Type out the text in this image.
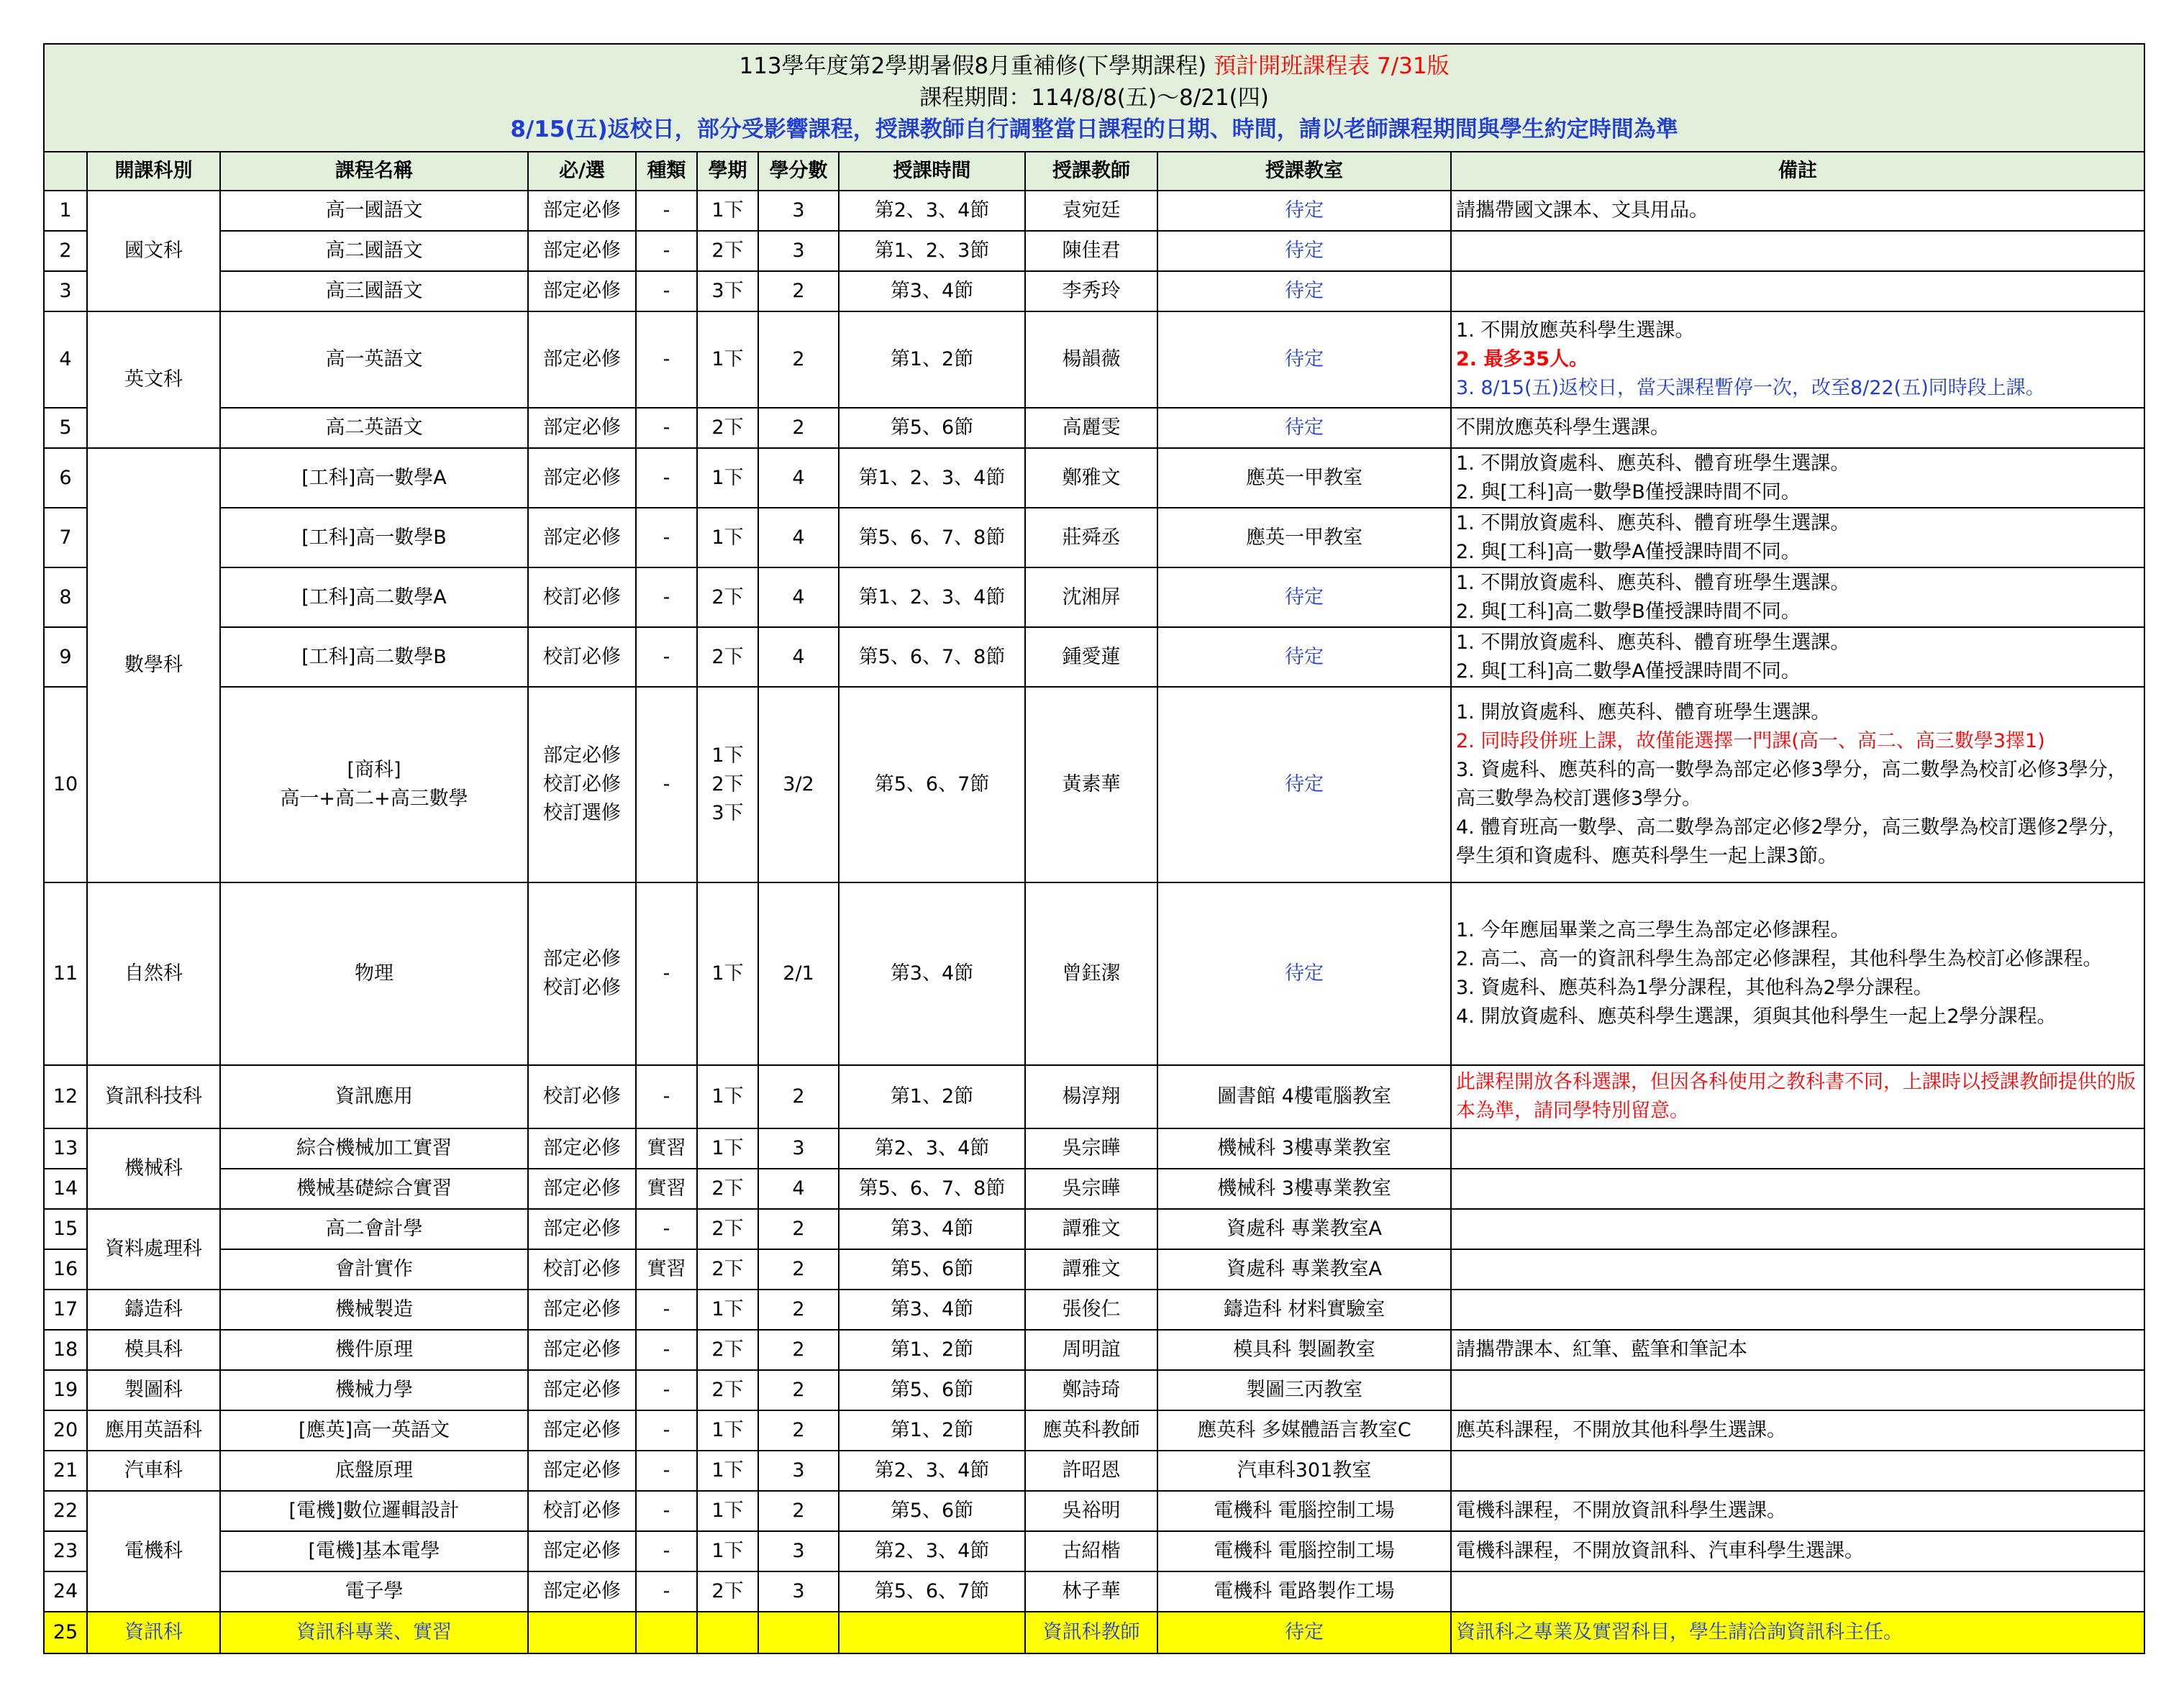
113學年度第2學期暑假8月重補修(下學期課程) 預計開班課程表 7/31版
課程期間：114/8/8(五)～8/21(四)
8/15(五)返校日，部分受影響課程，授課教師自行調整當日課程的日期、時間，請以老師課程期間與學生約定時間為準										

	開課科別	課程名稱	必/選	種類	學期	學分數	授課時間	授課教師	授課教室	備註
1	國文科	高一國語文	部定必修	-	1下	3	第2、3、4節	袁宛廷	待定	請攜帶國文課本、文具用品。

2		高二國語文	部定必修	-	2下	3	第1、2、3節	陳佳君	待定	
3		高三國語文	部定必修	-	3下	2	第3、4節	李秀玲	待定	
4	英文科	高一英語文	部定必修	-	1下	2	第1、2節	楊韻薇	待定	1. 不開放應英科學生選課。
2. 最多35人。
3. 8/15(五)返校日，當天課程暫停一次，改至8/22(五)同時段上課。

5		高二英語文	部定必修	-	2下	2	第5、6節	高麗雯	待定	不開放應英科學生選課。

6	數學科	[工科]高一數學A	部定必修	-	1下	4	第1、2、3、4節	鄭雅文	應英一甲教室	1. 不開放資處科、應英科、體育班學生選課。
2. 與[工科]高一數學B僅授課時間不同。

7		[工科]高一數學B	部定必修	-	1下	4	第5、6、7、8節	莊舜丞	應英一甲教室	1. 不開放資處科、應英科、體育班學生選課。
2. 與[工科]高一數學A僅授課時間不同。

8		[工科]高二數學A	校訂必修	-	2下	4	第1、2、3、4節	沈湘屏	待定	1. 不開放資處科、應英科、體育班學生選課。
2. 與[工科]高二數學B僅授課時間不同。

9		[工科]高二數學B	校訂必修	-	2下	4	第5、6、7、8節	鍾愛蓮	待定	1. 不開放資處科、應英科、體育班學生選課。
2. 與[工科]高二數學A僅授課時間不同。

10		[商科]
高一+高二+高三數學	部定必修
校訂必修
校訂選修	-	1下
2下
3下	3/2	第5、6、7節	黃素華	待定	1. 開放資處科、應英科、體育班學生選課。
2. 同時段併班上課，故僅能選擇一門課(高一、高二、高三數學3擇1)
3. 資處科、應英科的高一數學為部定必修3學分，高二數學為校訂必修3學分，高三數學為校訂選修3學分。
4. 體育班高一數學、高二數學為部定必修2學分，高三數學為校訂選修2學分，學生須和資處科、應英科學生一起上課3節。

11	自然科	物理	部定必修
校訂必修	-	1下	2/1	第3、4節	曾鈺潔	待定	1. 今年應屆畢業之高三學生為部定必修課程。
2. 高二、高一的資訊科學生為部定必修課程，其他科學生為校訂必修課程。
3. 資處科、應英科為1學分課程，其他科為2學分課程。
4. 開放資處科、應英科學生選課，須與其他科學生一起上2學分課程。

12	資訊科技科	資訊應用	校訂必修	-	1下	2	第1、2節	楊淳翔	圖書館 4樓電腦教室	此課程開放各科選課，但因各科使用之教科書不同，上課時以授課教師提供的版本為準，請同學特別留意。

13	機械科	綜合機械加工實習	部定必修	實習	1下	3	第2、3、4節	吳宗曄	機械科 3樓專業教室	
14		機械基礎綜合實習	部定必修	實習	2下	4	第5、6、7、8節	吳宗曄	機械科 3樓專業教室	
15	資料處理科	高二會計學	部定必修	-	2下	2	第3、4節	譚雅文	資處科 專業教室A	
16		會計實作	校訂必修	實習	2下	2	第5、6節	譚雅文	資處科 專業教室A	
17	鑄造科	機械製造	部定必修	-	1下	2	第3、4節	張俊仁	鑄造科 材料實驗室	
18	模具科	機件原理	部定必修	-	2下	2	第1、2節	周明誼	模具科 製圖教室	請攜帶課本、紅筆、藍筆和筆記本

19	製圖科	機械力學	部定必修	-	2下	2	第5、6節	鄭詩琦	製圖三丙教室	
20	應用英語科	[應英]高一英語文	部定必修	-	1下	2	第1、2節	應英科教師	應英科 多媒體語言教室C	應英科課程，不開放其他科學生選課。

21	汽車科	底盤原理	部定必修	-	1下	3	第2、3、4節	許昭恩	汽車科301教室	
22	電機科	[電機]數位邏輯設計	校訂必修	-	1下	2	第5、6節	吳裕明	電機科 電腦控制工場	電機科課程，不開放資訊科學生選課。

23		[電機]基本電學	部定必修	-	1下	3	第2、3、4節	古紹楷	電機科 電腦控制工場	電機科課程，不開放資訊科、汽車科學生選課。

24		電子學	部定必修	-	2下	3	第5、6、7節	林子華	電機科 電路製作工場	
25	資訊科	資訊科專業、實習						資訊科教師	待定	資訊科之專業及實習科目，學生請洽詢資訊科主任。
